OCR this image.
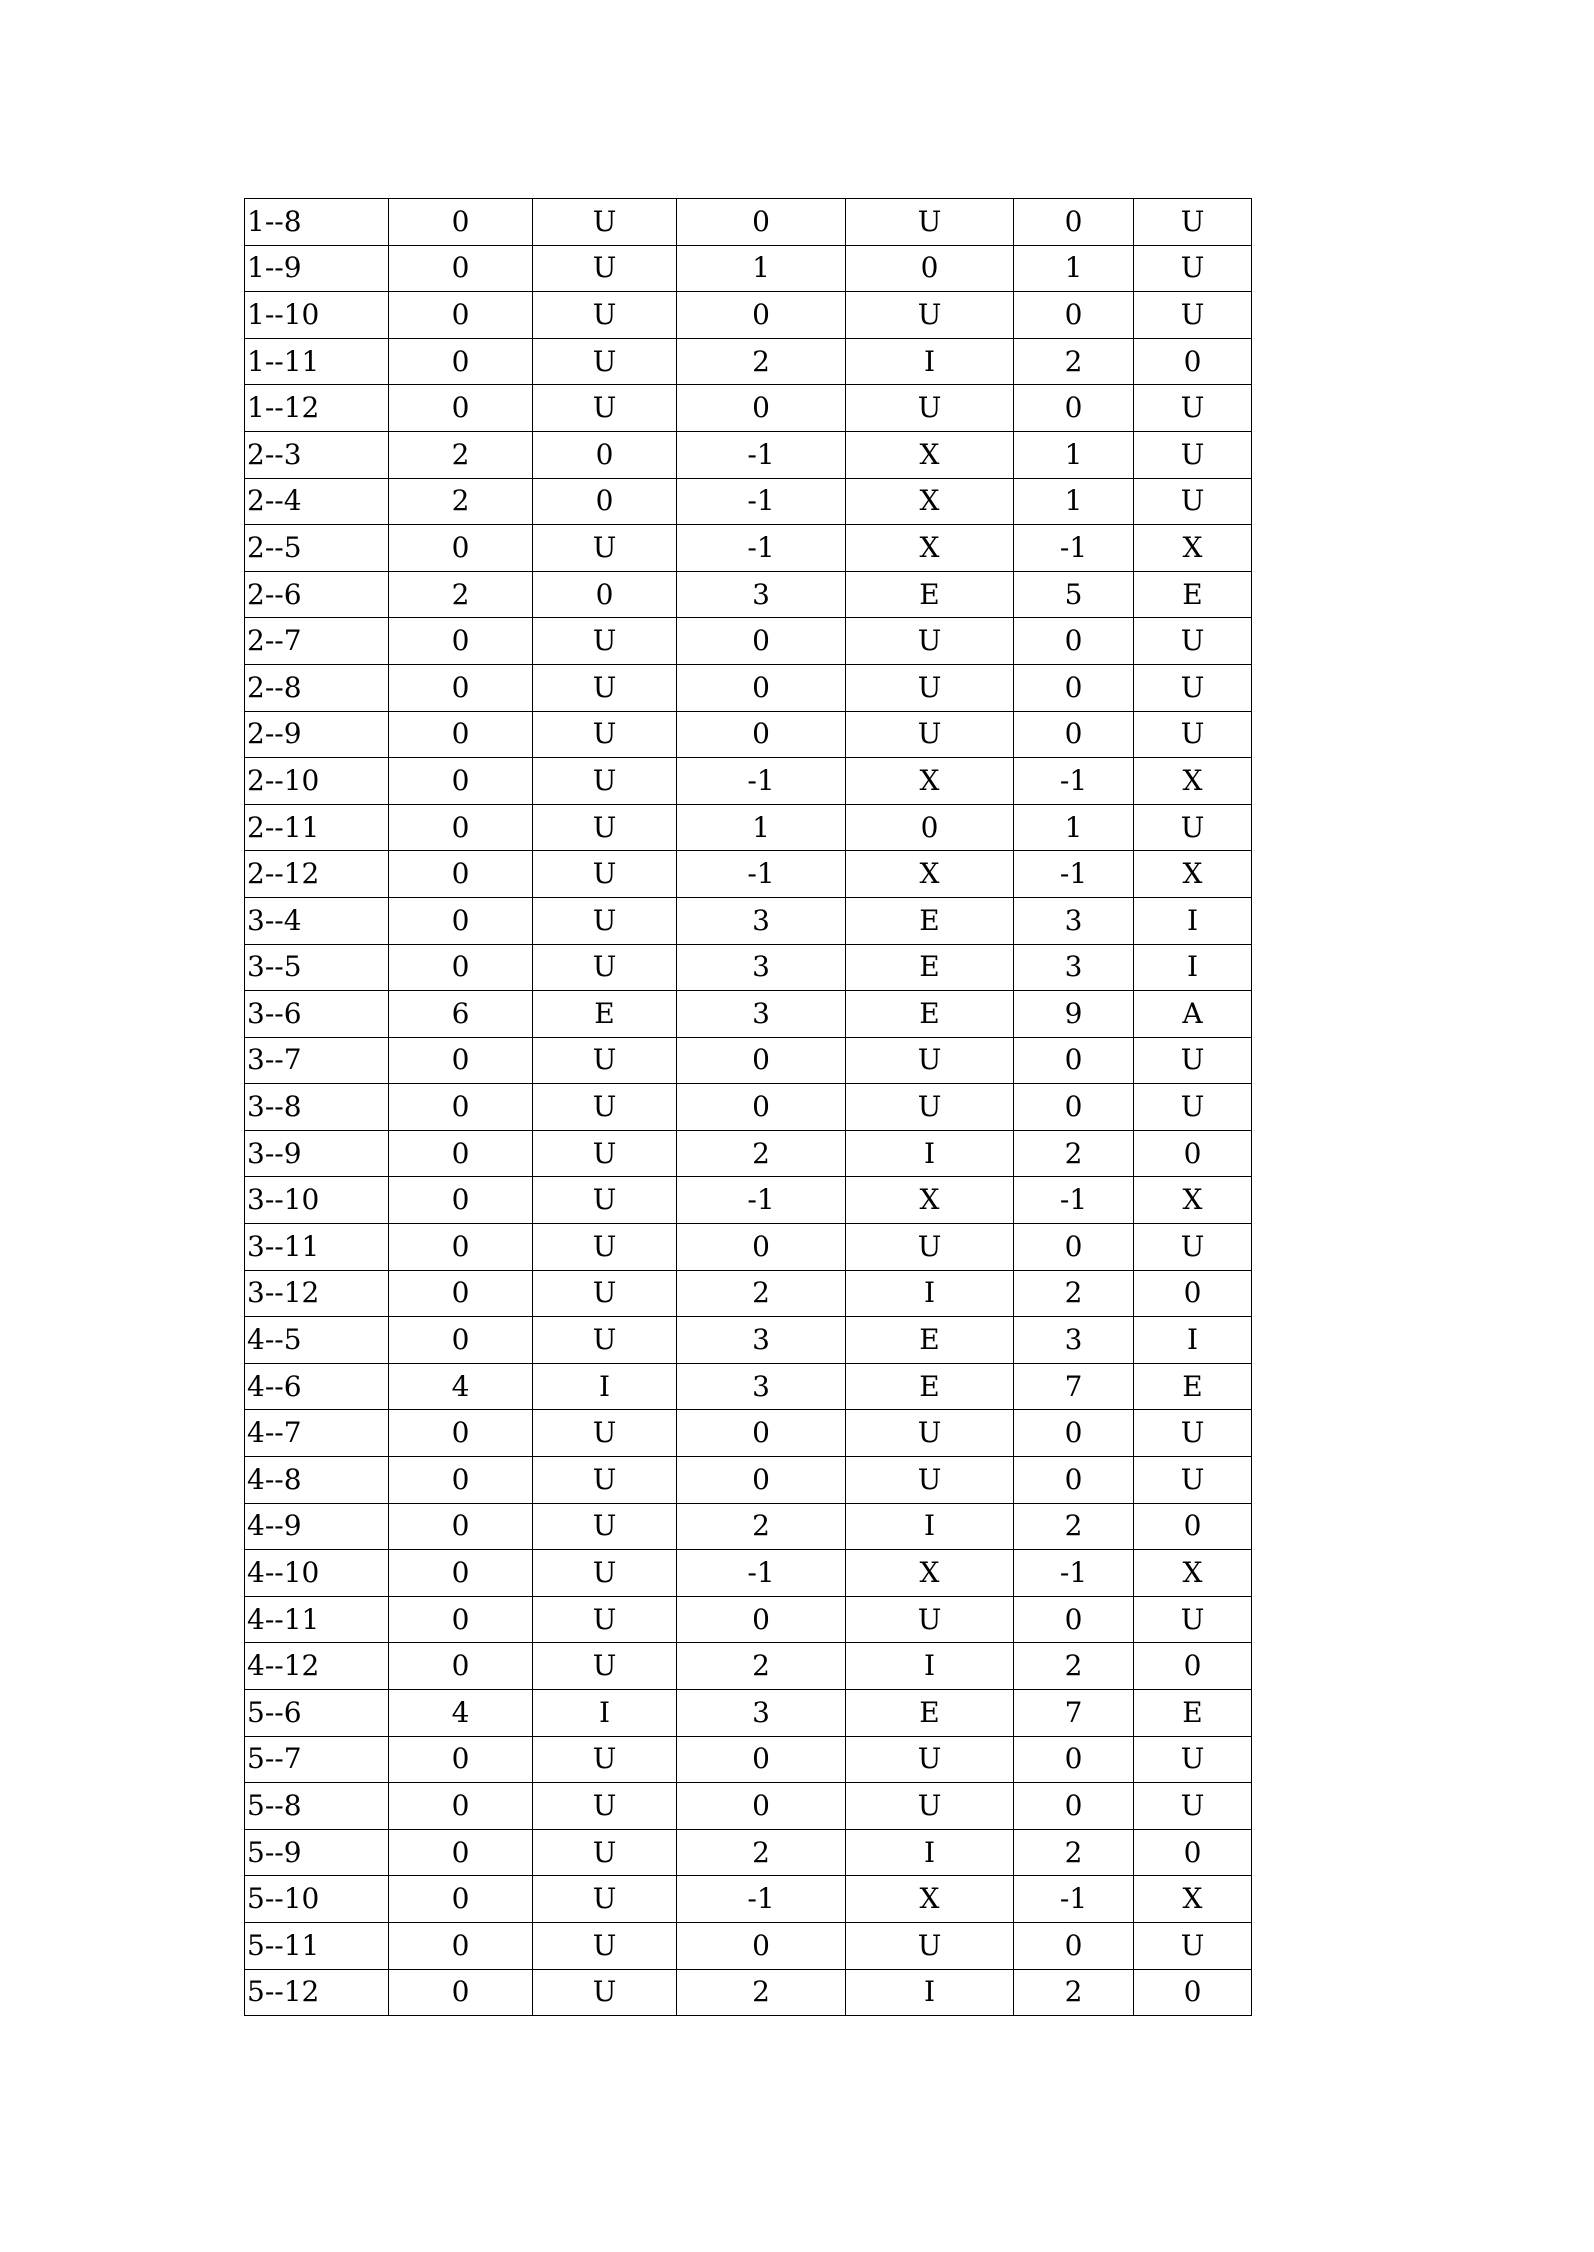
1--8	0	U	0	U	0	U
1--9	0	U	1	0	1	U
1--10	0	U	0	U	0	U
1--11	0	U	2	I	2	0
1--12	0	U	0	U	0	U
2--3	2	0	-1	X	1	U
2--4	2	0	-1	X	1	U
2--5	0	U	-1	X	-1	X
2--6	2	0	3	E	5	E
2--7	0	U	0	U	0	U
2--8	0	U	0	U	0	U
2--9	0	U	0	U	0	U
2--10	0	U	-1	X	-1	X
2--11	0	U	1	0	1	U
2--12	0	U	-1	X	-1	X
3--4	0	U	3	E	3	I
3--5	0	U	3	E	3	I
3--6	6	E	3	E	9	A
3--7	0	U	0	U	0	U
3--8	0	U	0	U	0	U
3--9	0	U	2	I	2	0
3--10	0	U	-1	X	-1	X
3--11	0	U	0	U	0	U
3--12	0	U	2	I	2	0
4--5	0	U	3	E	3	I
4--6	4	I	3	E	7	E
4--7	0	U	0	U	0	U
4--8	0	U	0	U	0	U
4--9	0	U	2	I	2	0
4--10	0	U	-1	X	-1	X
4--11	0	U	0	U	0	U
4--12	0	U	2	I	2	0
5--6	4	I	3	E	7	E
5--7	0	U	0	U	0	U
5--8	0	U	0	U	0	U
5--9	0	U	2	I	2	0
5--10	0	U	-1	X	-1	X
5--11	0	U	0	U	0	U
5--12	0	U	2	I	2	0
